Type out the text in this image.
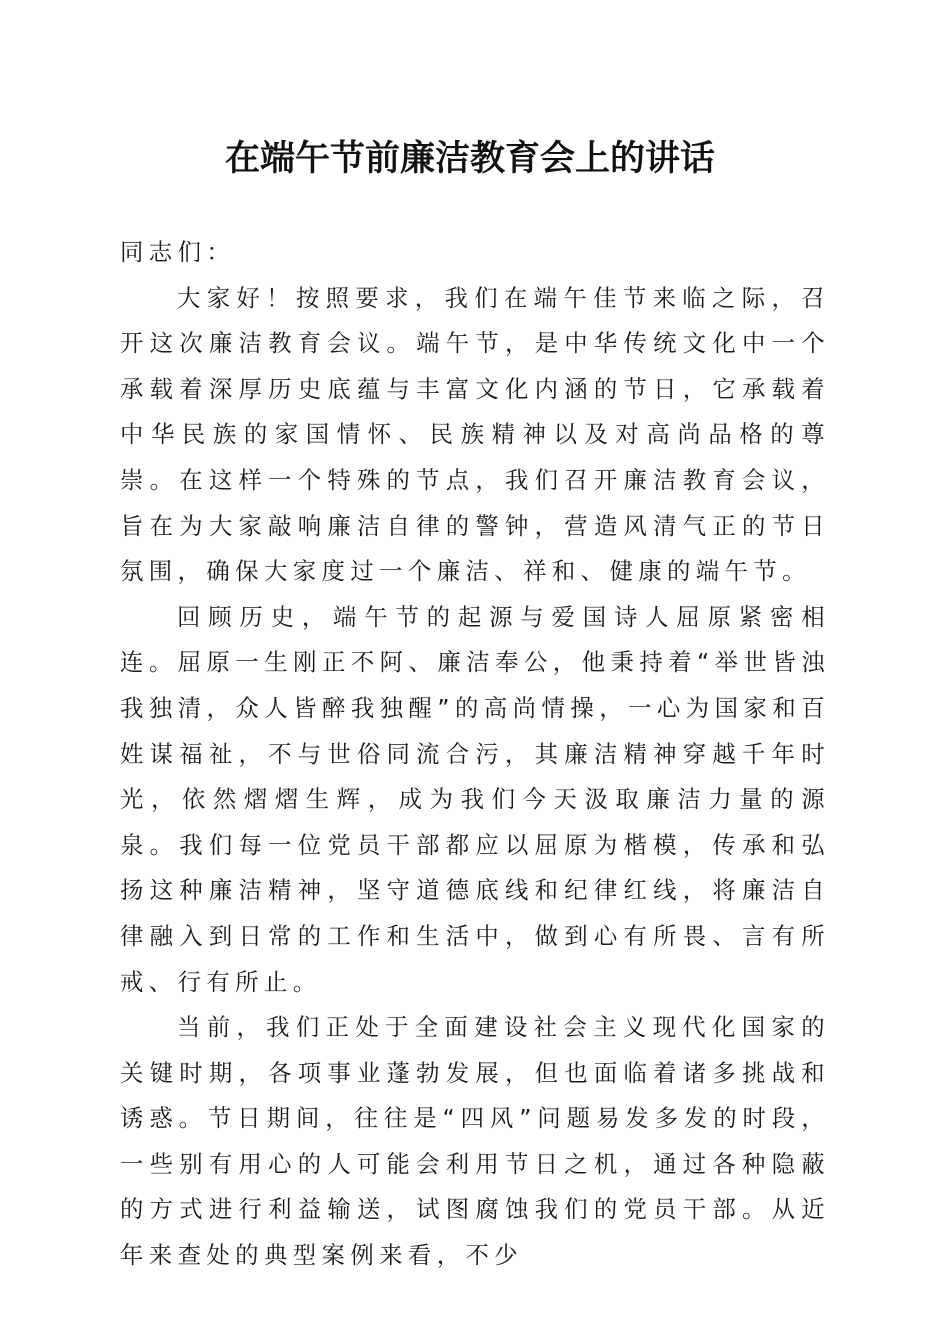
在端午节前廉洁教育会上的讲话

同志们：

大家好！按照要求，我们在端午佳节来临之际，召开这次廉洁教育会议。端午节，是中华传统文化中一个承载着深厚历史底蕴与丰富文化内涵的节日，它承载着中华民族的家国情怀、民族精神以及对高尚品格的尊崇。在这样一个特殊的节点，我们召开廉洁教育会议，旨在为大家敲响廉洁自律的警钟，营造风清气正的节日氛围，确保大家度过一个廉洁、祥和、健康的端午节。

回顾历史，端午节的起源与爱国诗人屈原紧密相连。屈原一生刚正不阿、廉洁奉公，他秉持着“举世皆浊我独清，众人皆醉我独醒”的高尚情操，一心为国家和百姓谋福祉，不与世俗同流合污，其廉洁精神穿越千年时光，依然熠熠生辉，成为我们今天汲取廉洁力量的源泉。我们每一位党员干部都应以屈原为楷模，传承和弘扬这种廉洁精神，坚守道德底线和纪律红线，将廉洁自律融入到日常的工作和生活中，做到心有所畏、言有所戒、行有所止。

当前，我们正处于全面建设社会主义现代化国家的关键时期，各项事业蓬勃发展，但也面临着诸多挑战和诱惑。节日期间，往往是“四风”问题易发多发的时段，一些别有用心的人可能会利用节日之机，通过各种隐蔽的方式进行利益输送，试图腐蚀我们的党员干部。从近年来查处的典型案例来看，不少
